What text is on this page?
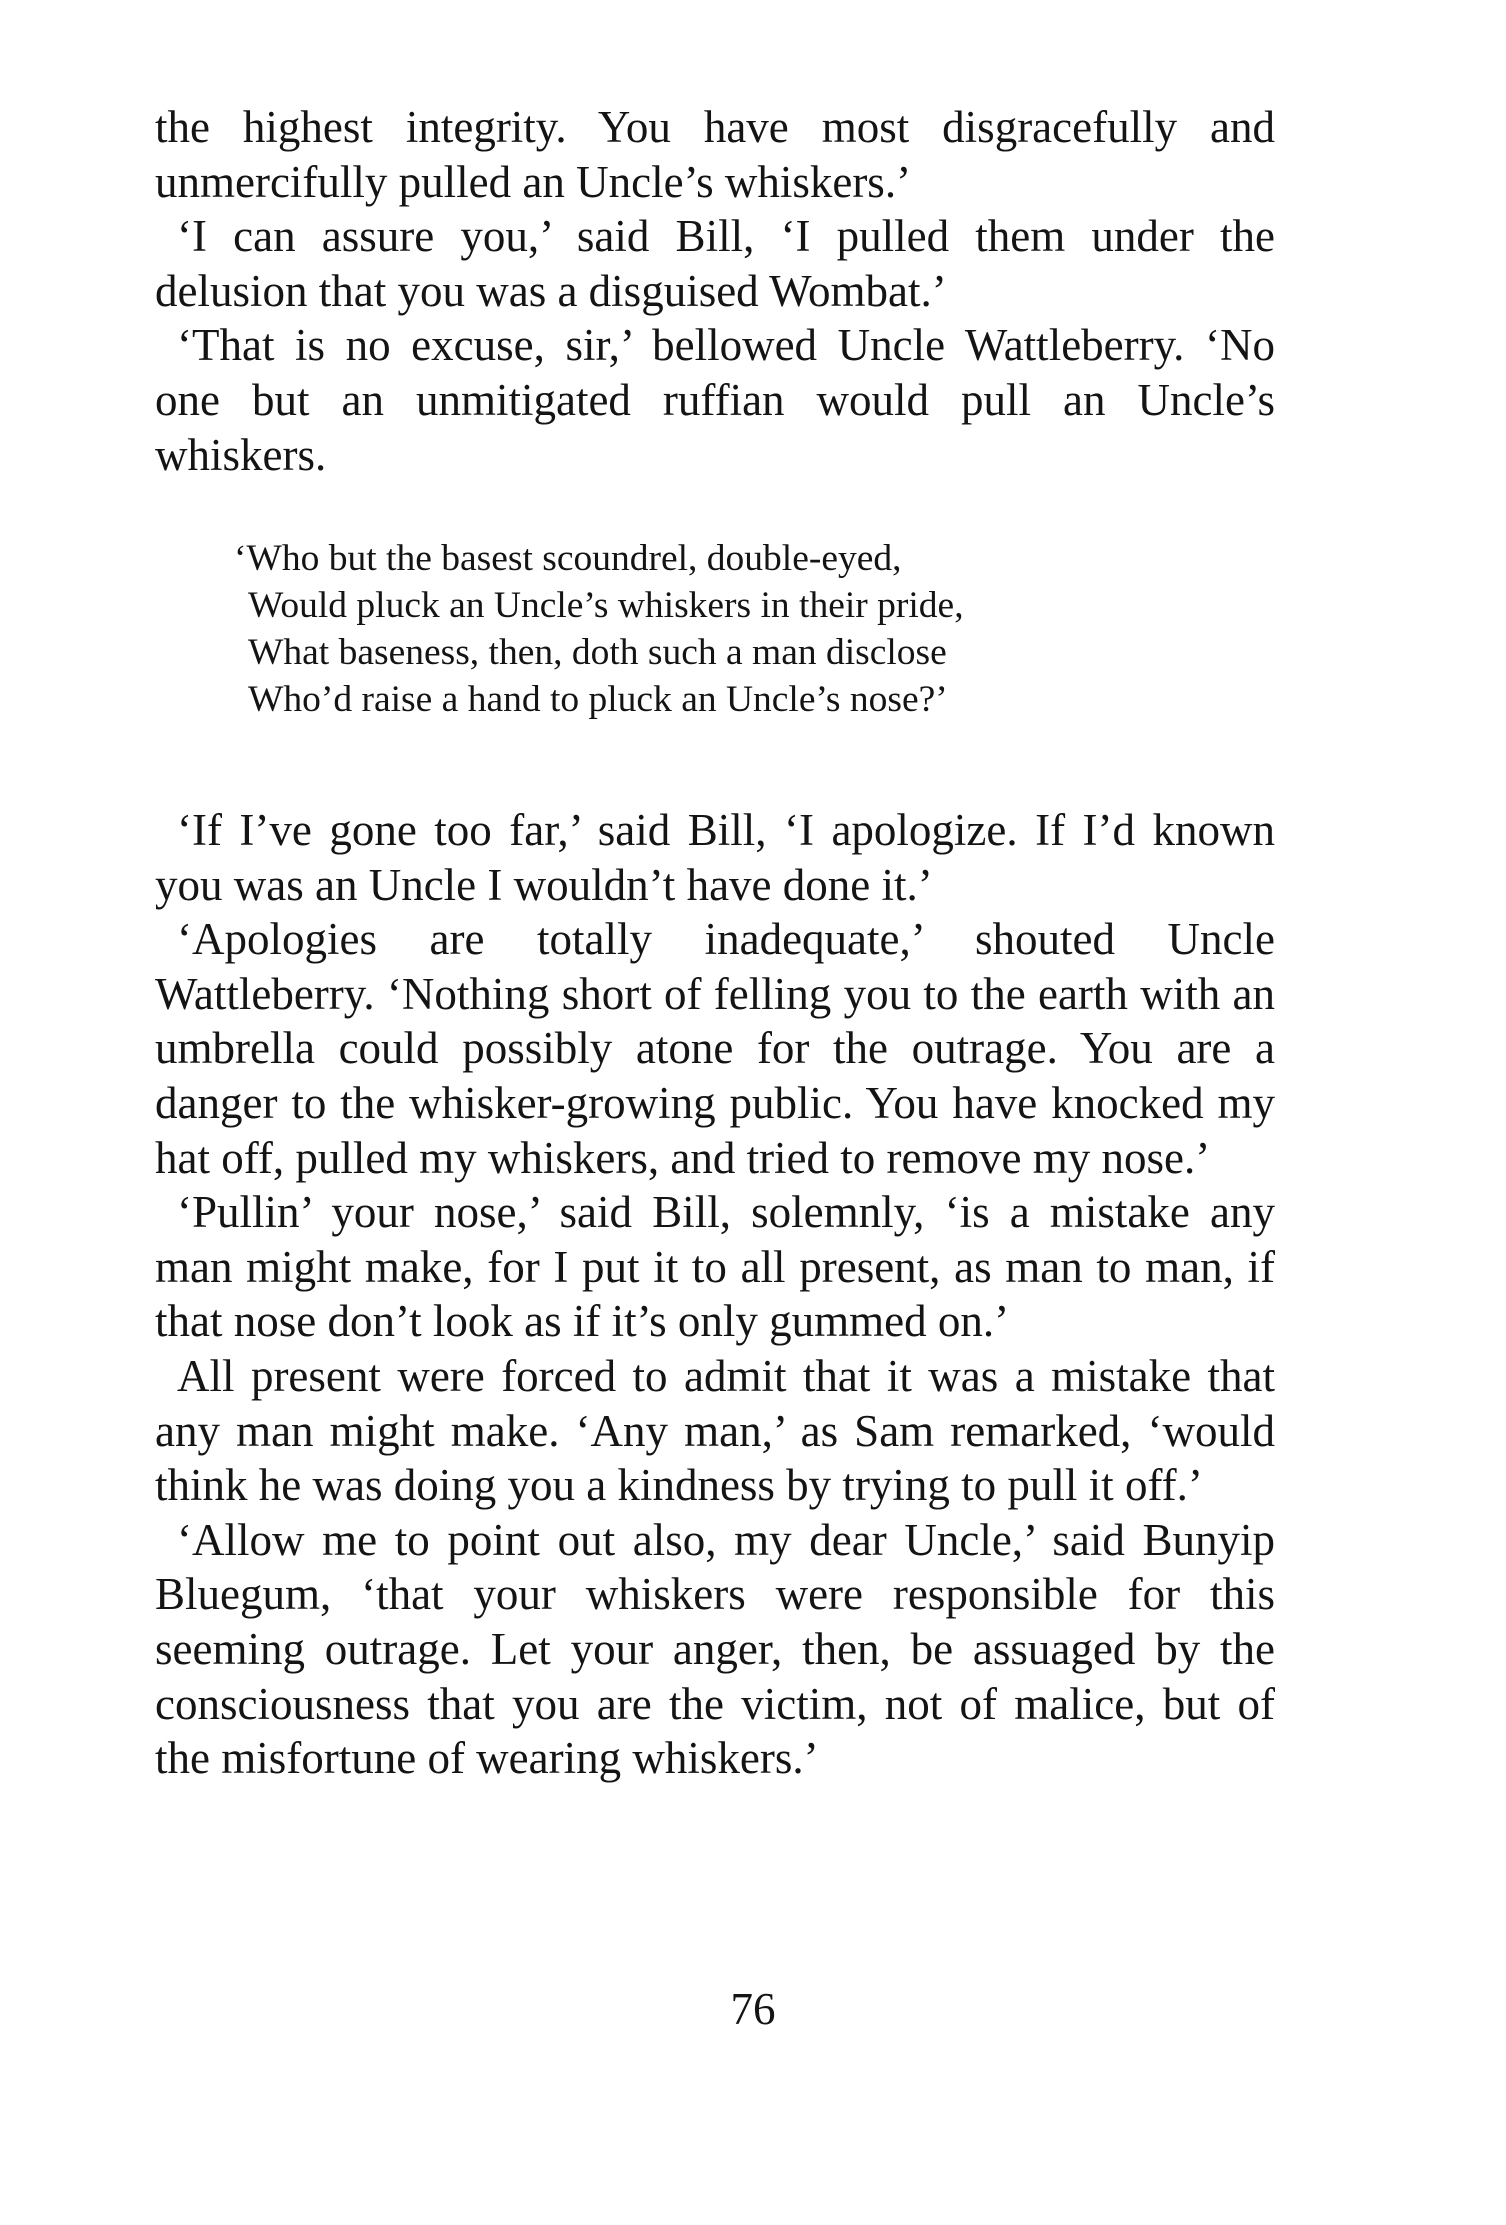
the highest integrity. You have most disgracefully and unmercifully pulled an Uncle’s whiskers.’

‘I can assure you,’ said Bill, ‘I pulled them under the delusion that you was a disguised Wombat.’

‘That is no excuse, sir,’ bellowed Uncle Wattleberry. ‘No one but an unmitigated ruffian would pull an Uncle’s whiskers.

‘Who but the basest scoundrel, double-eyed,
Would pluck an Uncle’s whiskers in their pride,
What baseness, then, doth such a man disclose
Who’d raise a hand to pluck an Uncle’s nose?’

‘If I’ve gone too far,’ said Bill, ‘I apologize. If I’d known you was an Uncle I wouldn’t have done it.’

‘Apologies are totally inadequate,’ shouted Uncle Wattleberry. ‘Nothing short of felling you to the earth with an umbrella could possibly atone for the outrage. You are a danger to the whisker-growing public. You have knocked my hat off, pulled my whiskers, and tried to remove my nose.’

‘Pullin’ your nose,’ said Bill, solemnly, ‘is a mistake any man might make, for I put it to all present, as man to man, if that nose don’t look as if it’s only gummed on.’

All present were forced to admit that it was a mistake that any man might make. ‘Any man,’ as Sam remarked, ‘would think he was doing you a kindness by trying to pull it off.’

‘Allow me to point out also, my dear Uncle,’ said Bunyip Bluegum, ‘that your whiskers were responsible for this seeming outrage. Let your anger, then, be assuaged by the consciousness that you are the victim, not of malice, but of the misfortune of wearing whiskers.’

76
